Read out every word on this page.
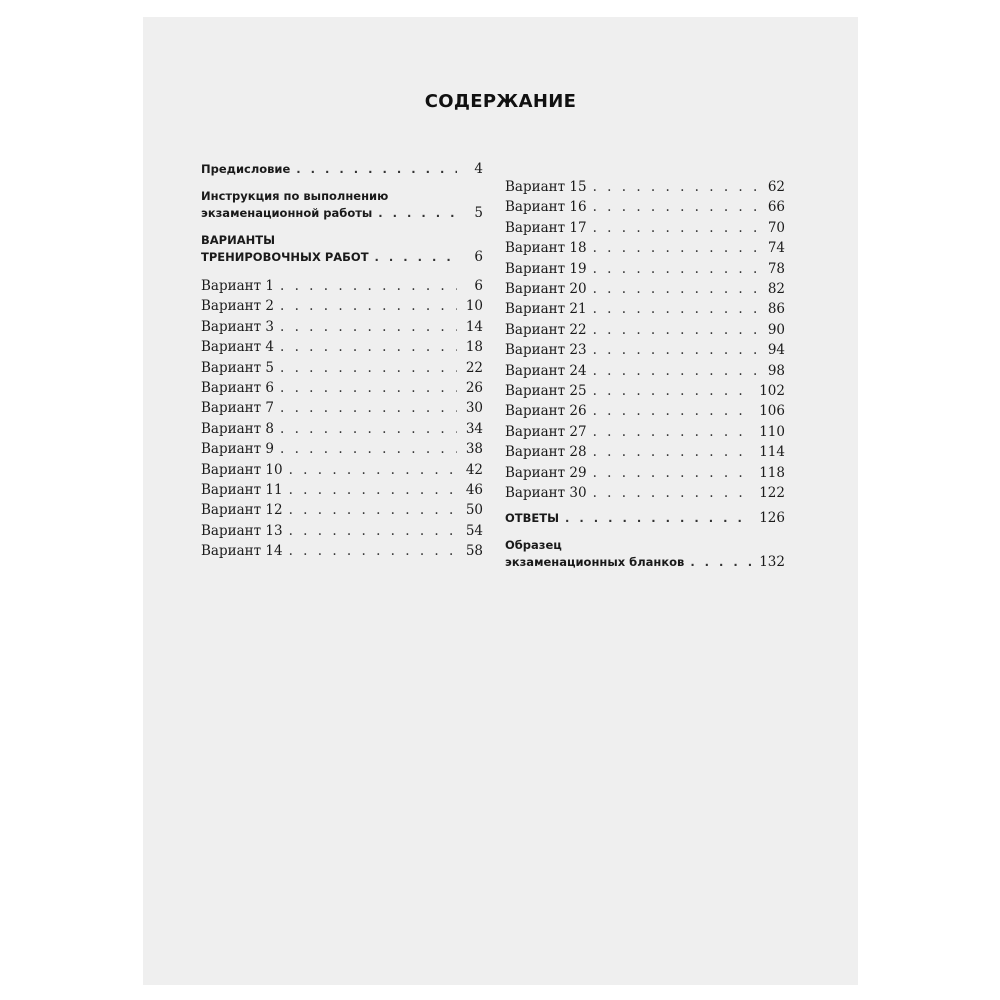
СОДЕРЖАНИЕ
Предисловие . . .	4
Инструкция по выполнению
экзаменационной работы . . .	5
ВАРИАНТЫ
ТРЕНИРОВОЧНЫХ РАБОТ . . .	6
Вариант 1 . . .	6
Вариант 2 . . .	10
Вариант 3 . . .	14
Вариант 4 . . .	18
Вариант 5 . . .	22
Вариант 6 . . .	26
Вариант 7 . . .	30
Вариант 8 . . .	34
Вариант 9 . . .	38
Вариант 10 . . .	42
Вариант 11 . . .	46
Вариант 12 . . .	50
Вариант 13 . . .	54
Вариант 14 . . .	58
Вариант 15 . . .	62
Вариант 16 . . .	66
Вариант 17 . . .	70
Вариант 18 . . .	74
Вариант 19 . . .	78
Вариант 20 . . .	82
Вариант 21 . . .	86
Вариант 22 . . .	90
Вариант 23 . . .	94
Вариант 24 . . .	98
Вариант 25 . . .	102
Вариант 26 . . .	106
Вариант 27 . . .	110
Вариант 28 . . .	114
Вариант 29 . . .	118
Вариант 30 . . .	122
ОТВЕТЫ . . .	126
Образец
экзаменационных бланков . . .	132
